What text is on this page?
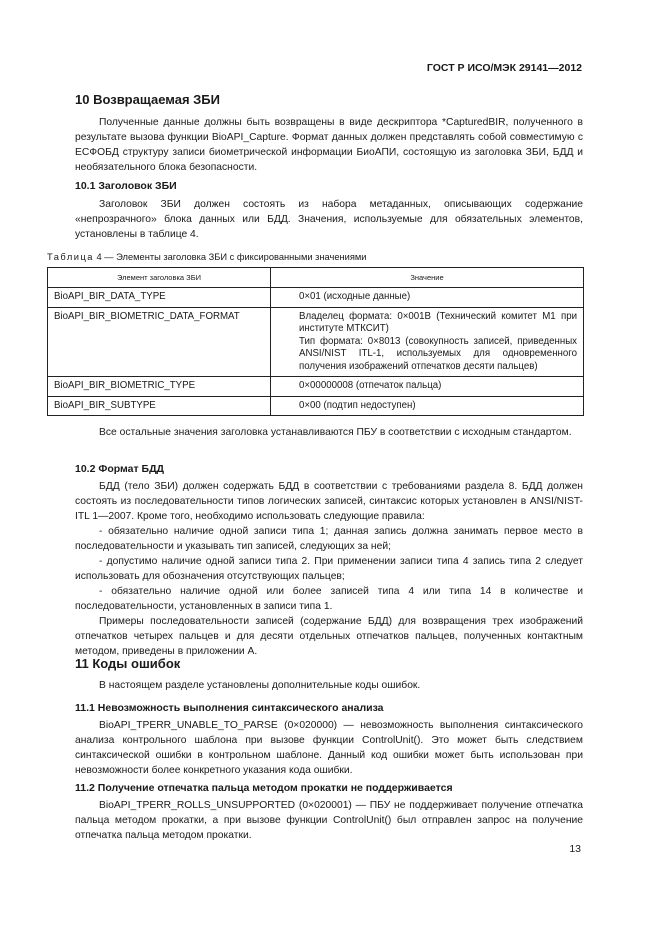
ГОСТ Р ИСО/МЭК 29141—2012
10 Возвращаемая ЗБИ

Полученные данные должны быть возвращены в виде дескриптора *CapturedBIR, полученного в результате вызова функции BioAPI_Capture. Формат данных должен представлять собой совместимую с ЕСФОБД структуру записи биометрической информации БиоАПИ, состоящую из заголовка ЗБИ, БДД и необязательного блока безопасности.

10.1 Заголовок ЗБИ

Заголовок ЗБИ должен состоять из набора метаданных, описывающих содержание «непрозрачного» блока данных или БДД. Значения, используемые для обязательных элементов, установлены в таблице 4.

Таблица 4 — Элементы заголовка ЗБИ с фиксированными значениями
Элемент заголовка ЗБИ	Значение
BioAPI_BIR_DATA_TYPE	0×01 (исходные данные)
BioAPI_BIR_BIOMETRIC_DATA_FORMAT	Владелец формата: 0×001B (Технический комитет М1 при институте МТКСИТ)
Тип формата: 0×8013 (совокупность записей, приведенных ANSI/NIST ITL-1, используемых для одновременного получения изображений отпечатков десяти пальцев)

BioAPI_BIR_BIOMETRIC_TYPE	0×00000008 (отпечаток пальца)
BioAPI_BIR_SUBTYPE	0×00 (подтип недоступен)

Все остальные значения заголовка устанавливаются ПБУ в соответствии с исходным стандартом.

10.2 Формат БДД
БДД (тело ЗБИ) должен содержать БДД в соответствии с требованиями раздела 8. БДД должен состоять из последовательности типов логических записей, синтаксис которых установлен в ANSI/NIST-ITL 1—2007. Кроме того, необходимо использовать следующие правила:
- обязательно наличие одной записи типа 1; данная запись должна занимать первое место в последовательности и указывать тип записей, следующих за ней;
- допустимо наличие одной записи типа 2. При применении записи типа 4 запись типа 2 следует использовать для обозначения отсутствующих пальцев;
- обязательно наличие одной или более записей типа 4 или типа 14 в количестве и последовательности, установленных в записи типа 1.
Примеры последовательности записей (содержание БДД) для возвращения трех изображений отпечатков четырех пальцев и для десяти отдельных отпечатков пальцев, полученных контактным методом, приведены в приложении А.
11 Коды ошибок

В настоящем разделе установлены дополнительные коды ошибок.

11.1 Невозможность выполнения синтаксического анализа

BioAPI_TPERR_UNABLE_TO_PARSE (0×020000) — невозможность выполнения синтаксического анализа контрольного шаблона при вызове функции ControlUnit(). Это может быть следствием синтаксической ошибки в контрольном шаблоне. Данный код ошибки может быть использован при невозможности более конкретного указания кода ошибки.

11.2 Получение отпечатка пальца методом прокатки не поддерживается

BioAPI_TPERR_ROLLS_UNSUPPORTED (0×020001) — ПБУ не поддерживает получение отпечатка пальца методом прокатки, а при вызове функции ControlUnit() был отправлен запрос на получение отпечатка пальца методом прокатки.

13
